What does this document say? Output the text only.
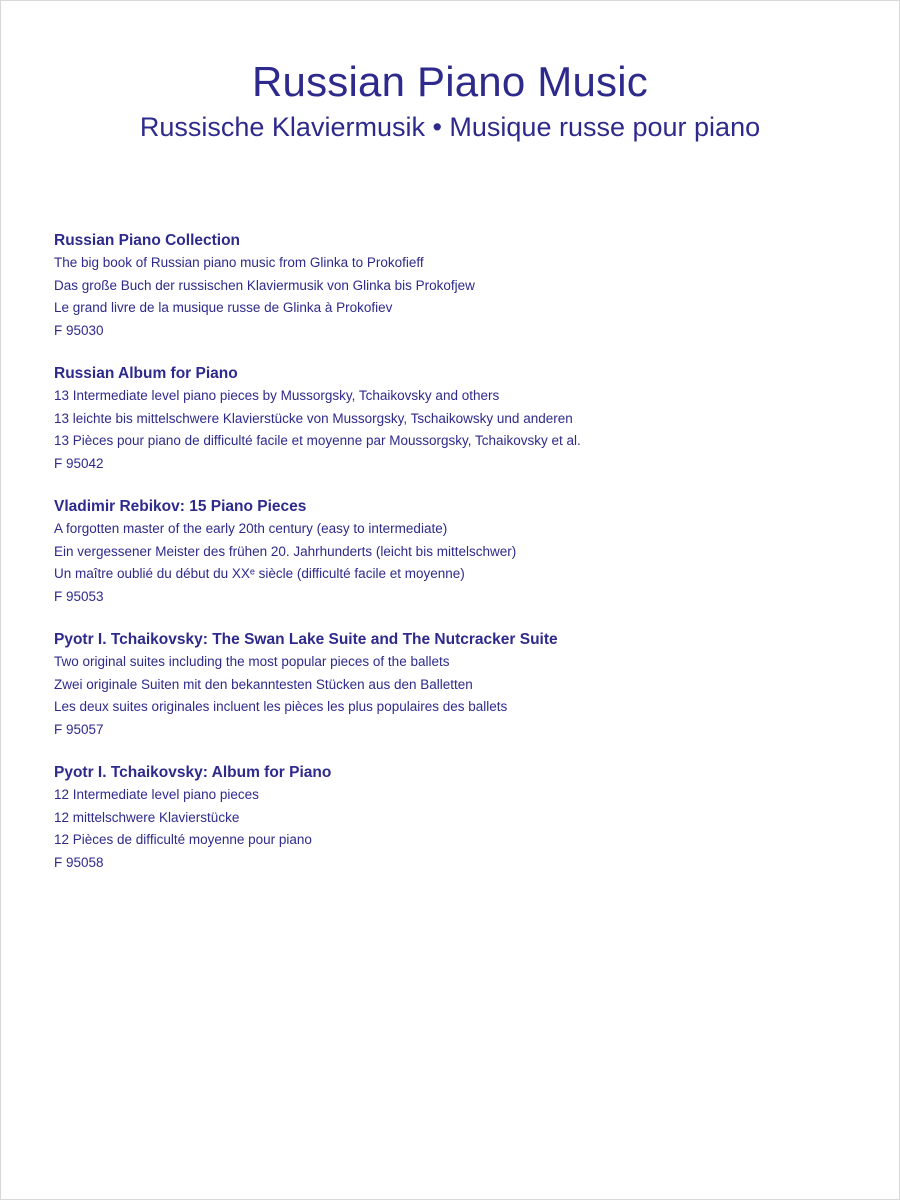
Russian Piano Music
Russische Klaviermusik • Musique russe pour piano

Russian Piano Collection

The big book of Russian piano music from Glinka to Prokofieff

Das große Buch der russischen Klaviermusik von Glinka bis Prokofjew

Le grand livre de la musique russe de Glinka à Prokofiev

F 95030

Russian Album for Piano

13 Intermediate level piano pieces by Mussorgsky, Tchaikovsky and others

13 leichte bis mittelschwere Klavierstücke von Mussorgsky, Tschaikowsky und anderen

13 Pièces pour piano de difficulté facile et moyenne par Moussorgsky, Tchaikovsky et al.

F 95042

Vladimir Rebikov: 15 Piano Pieces

A forgotten master of the early 20th century (easy to intermediate)

Ein vergessener Meister des frühen 20. Jahrhunderts (leicht bis mittelschwer)

Un maître oublié du début du XXᵉ siècle (difficulté facile et moyenne)

F 95053

Pyotr I. Tchaikovsky: The Swan Lake Suite and The Nutcracker Suite

Two original suites including the most popular pieces of the ballets

Zwei originale Suiten mit den bekanntesten Stücken aus den Balletten

Les deux suites originales incluent les pièces les plus populaires des ballets

F 95057

Pyotr I. Tchaikovsky: Album for Piano

12 Intermediate level piano pieces

12 mittelschwere Klavierstücke

12 Pièces de difficulté moyenne pour piano

F 95058
